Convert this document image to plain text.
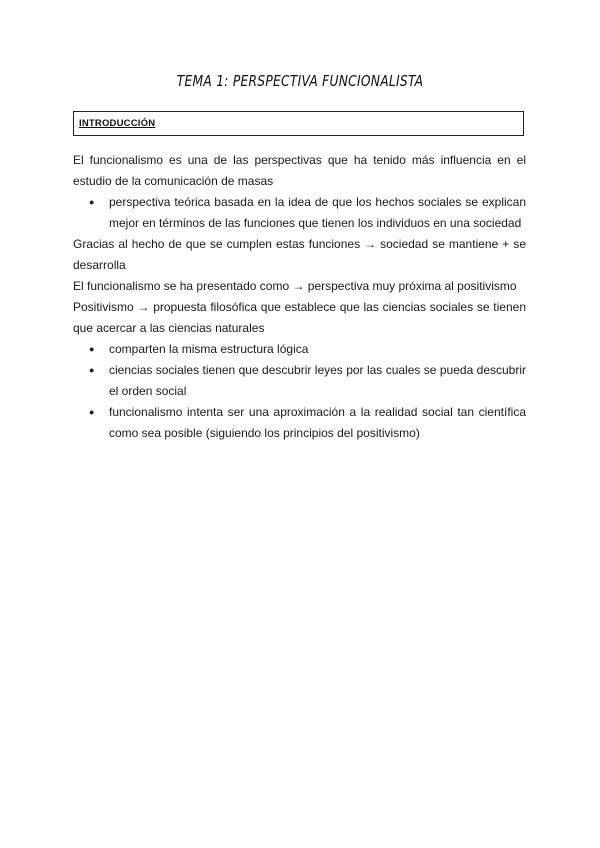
TEMA 1: PERSPECTIVA FUNCIONALISTA
INTRODUCCIÓN

El funcionalismo es una de las perspectivas que ha tenido más influencia en el estudio de la comunicación de masas

● perspectiva teórica basada en la idea de que los hechos sociales se explican mejor en términos de las funciones que tienen los individuos en una sociedad

Gracias al hecho de que se cumplen estas funciones → sociedad se mantiene + se desarrolla

El funcionalismo se ha presentado como → perspectiva muy próxima al positivismo

Positivismo → propuesta filosófica que establece que las ciencias sociales se tienen que acercar a las ciencias naturales

● comparten la misma estructura lógica
● ciencias sociales tienen que descubrir leyes por las cuales se pueda descubrir el orden social
● funcionalismo intenta ser una aproximación a la realidad social tan científica como sea posible (siguiendo los principios del positivismo)
